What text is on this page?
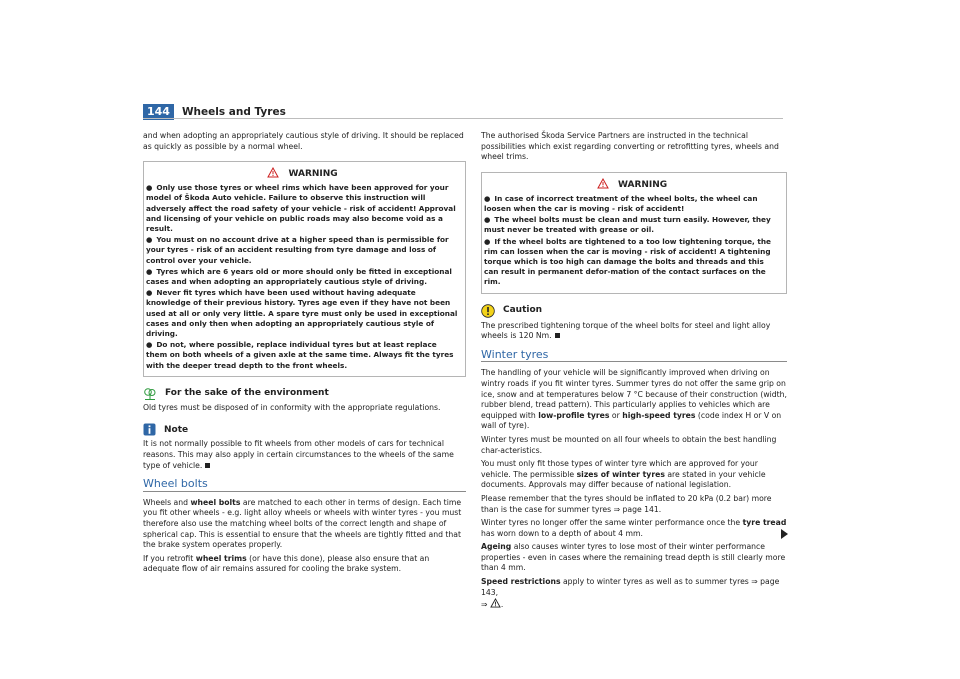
144	Wheels and Tyres

and when adopting an appropriately cautious style of driving. It should be replaced as quickly as possible by a normal wheel.

WARNING
● Only use those tyres or wheel rims which have been approved for your model of Škoda Auto vehicle. Failure to observe this instruction will adversely affect the road safety of your vehicle - risk of accident! Approval and licensing of your vehicle on public roads may also become void as a result.
● You must on no account drive at a higher speed than is permissible for your tyres - risk of an accident resulting from tyre damage and loss of control over your vehicle.
● Tyres which are 6 years old or more should only be fitted in exceptional cases and when adopting an appropriately cautious style of driving.
● Never fit tyres which have been used without having adequate knowledge of their previous history. Tyres age even if they have not been used at all or only very little. A spare tyre must only be used in exceptional cases and only then when adopting an appropriately cautious style of driving.
● Do not, where possible, replace individual tyres but at least replace them on both wheels of a given axle at the same time. Always fit the tyres with the deeper tread depth to the front wheels.
For the sake of the environment

Old tyres must be disposed of in conformity with the appropriate regulations.

Note

It is not normally possible to fit wheels from other models of cars for technical reasons. This may also apply in certain circumstances to the wheels of the same type of vehicle.

Wheel bolts

Wheels and wheel bolts are matched to each other in terms of design. Each time you fit other wheels - e.g. light alloy wheels or wheels with winter tyres - you must therefore also use the matching wheel bolts of the correct length and shape of spherical cap. This is essential to ensure that the wheels are tightly fitted and that the brake system operates properly.

If you retrofit wheel trims (or have this done), please also ensure that an adequate flow of air remains assured for cooling the brake system.

The authorised Škoda Service Partners are instructed in the technical possibilities which exist regarding converting or retrofitting tyres, wheels and wheel trims.

WARNING
● In case of incorrect treatment of the wheel bolts, the wheel can loosen when the car is moving - risk of accident!
● The wheel bolts must be clean and must turn easily. However, they must never be treated with grease or oil.
● If the wheel bolts are tightened to a too low tightening torque, the rim can lossen when the car is moving - risk of accident! A tightening torque which is too high can damage the bolts and threads and this can result in permanent defor-mation of the contact surfaces on the rim.
Caution

The prescribed tightening torque of the wheel bolts for steel and light alloy wheels is 120 Nm.

Winter tyres

The handling of your vehicle will be significantly improved when driving on wintry roads if you fit winter tyres. Summer tyres do not offer the same grip on ice, snow and at temperatures below 7 °C because of their construction (width, rubber blend, tread pattern). This particularly applies to vehicles which are equipped with low-profile tyres or high-speed tyres (code index H or V on wall of tyre).

Winter tyres must be mounted on all four wheels to obtain the best handling char-acteristics.

You must only fit those types of winter tyre which are approved for your vehicle. The permissible sizes of winter tyres are stated in your vehicle documents. Approvals may differ because of national legislation.

Please remember that the tyres should be inflated to 20 kPa (0.2 bar) more than is the case for summer tyres ⇒ page 141.

Winter tyres no longer offer the same winter performance once the tyre tread has worn down to a depth of about 4 mm.

Ageing also causes winter tyres to lose most of their winter performance properties - even in cases where the remaining tread depth is still clearly more than 4 mm.

Speed restrictions apply to winter tyres as well as to summer tyres ⇒ page 143,
⇒ .
